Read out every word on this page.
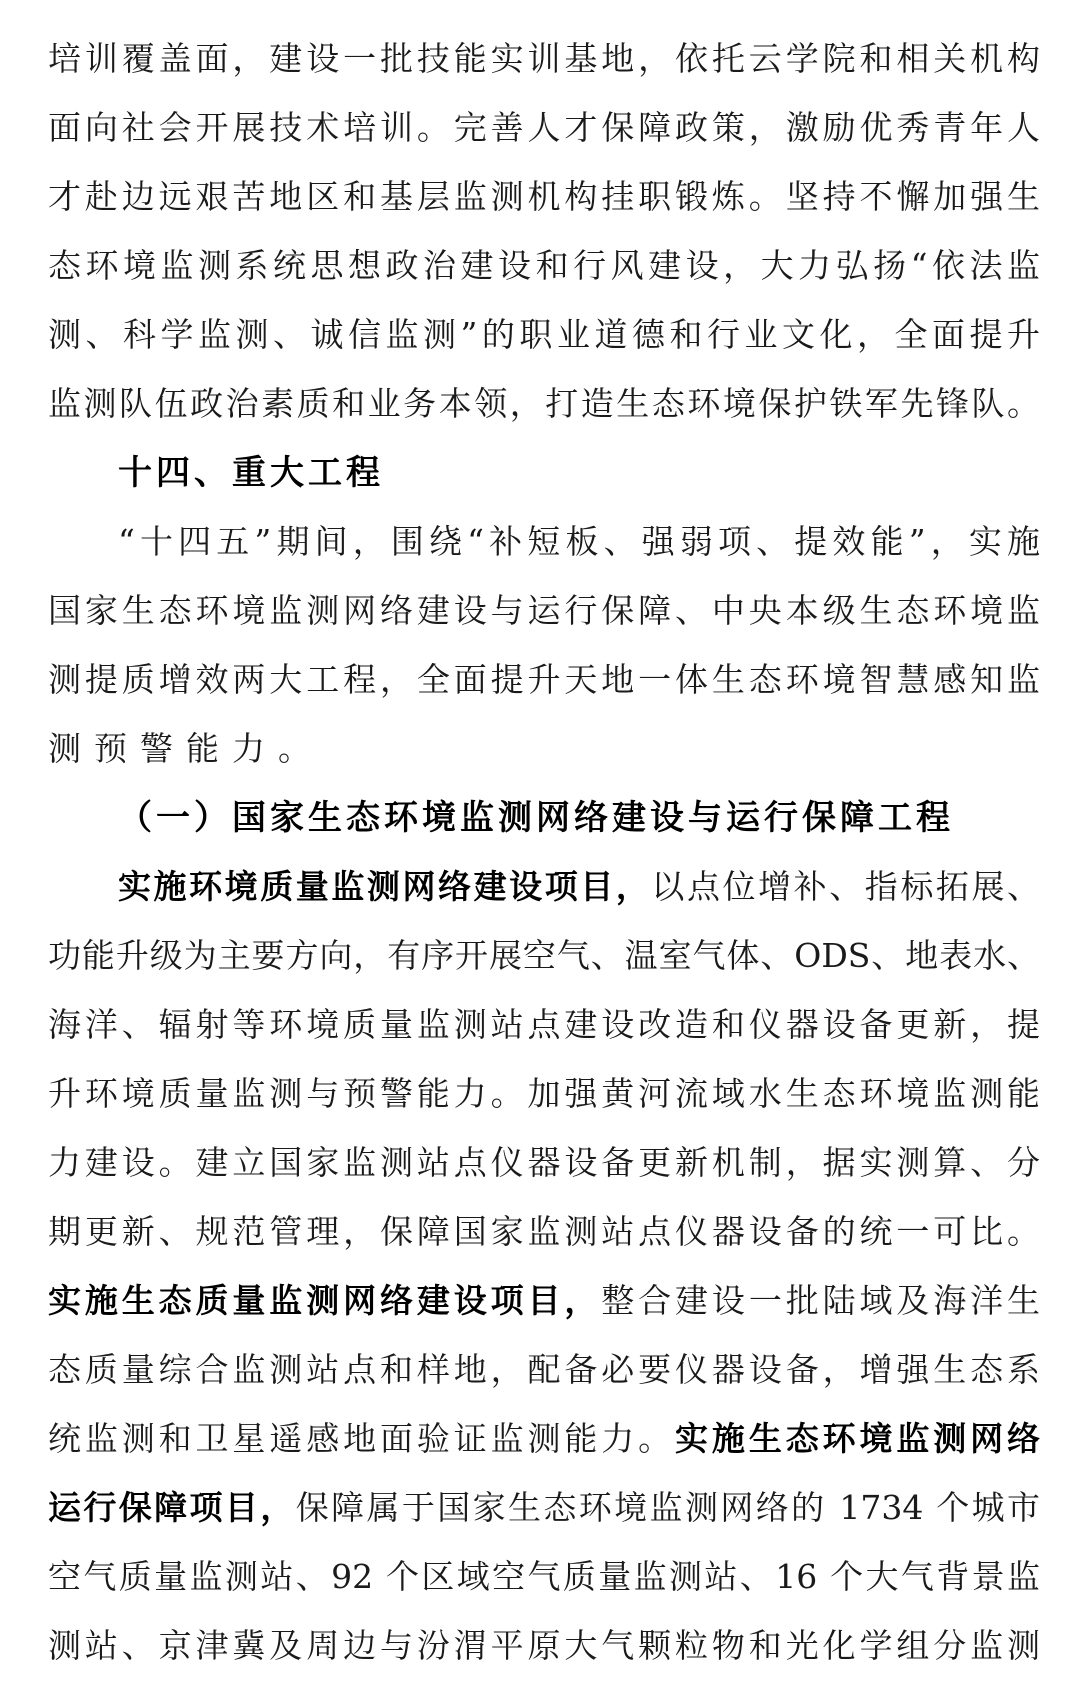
培训覆盖面，建设一批技能实训基地，依托云学院和相关机构
面向社会开展技术培训。完善人才保障政策，激励优秀青年人
才赴边远艰苦地区和基层监测机构挂职锻炼。坚持不懈加强生
态环境监测系统思想政治建设和行风建设，大力弘扬“依法监
测、科学监测、诚信监测”的职业道德和行业文化，全面提升
监测队伍政治素质和业务本领，打造生态环境保护铁军先锋队。
十四、重大工程
“十四五”期间，围绕“补短板、强弱项、提效能”，实施
国家生态环境监测网络建设与运行保障、中央本级生态环境监
测提质增效两大工程，全面提升天地一体生态环境智慧感知监
测预警能力。
（一）国家生态环境监测网络建设与运行保障工程
实施环境质量监测网络建设项目，以点位增补、指标拓展、
功能升级为主要方向，有序开展空气、温室气体、ODS、地表水、
海洋、辐射等环境质量监测站点建设改造和仪器设备更新，提
升环境质量监测与预警能力。加强黄河流域水生态环境监测能
力建设。建立国家监测站点仪器设备更新机制，据实测算、分
期更新、规范管理，保障国家监测站点仪器设备的统一可比。
实施生态质量监测网络建设项目，整合建设一批陆域及海洋生
态质量综合监测站点和样地，配备必要仪器设备，增强生态系
统监测和卫星遥感地面验证监测能力。实施生态环境监测网络
运行保障项目，保障属于国家生态环境监测网络的 1734 个城市
空气质量监测站、92 个区域空气质量监测站、16 个大气背景监
测站、京津冀及周边与汾渭平原大气颗粒物和光化学组分监测
